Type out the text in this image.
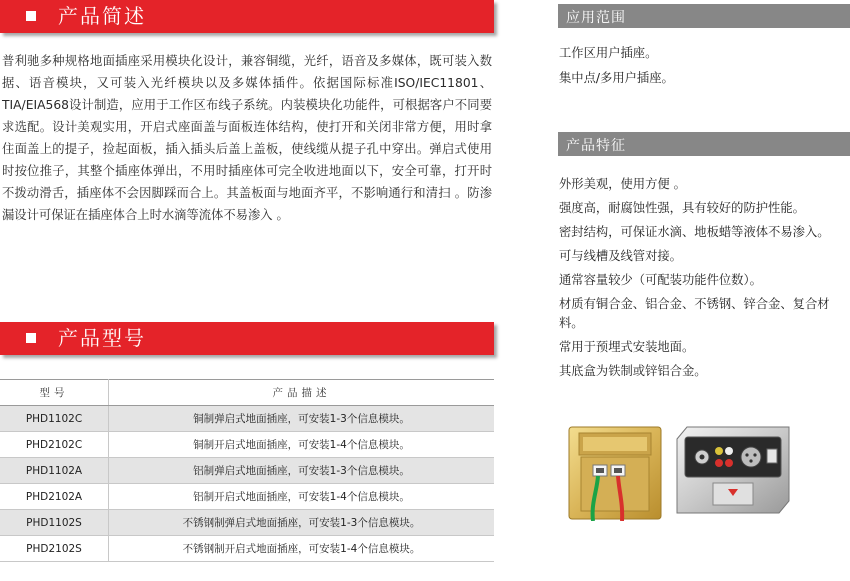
产品简述

普利驰多种规格地面插座采用模块化设计，兼容铜缆，光纤，语音及多媒体，既可装入数据、语音模块，又可装入光纤模块以及多媒体插件。依据国际标准ISO/IEC11801、TIA/EIA568设计制造，应用于工作区布线子系统。内装模块化功能件，可根据客户不同要求选配。设计美观实用，开启式座面盖与面板连体结构，使打开和关闭非常方便，用时拿住面盖上的提子，捡起面板，插入插头后盖上盖板，使线缆从提子孔中穿出。弹启式使用时按位推子，其整个插座体弹出，不用时插座体可完全收进地面以下，安全可靠，打开时不拨动滑舌，插座体不会因脚踩而合上。其盖板面与地面齐平，不影响通行和清扫 。防渗漏设计可保证在插座体合上时水滴等流体不易渗入 。

产品型号
型号	产品描述
PHD1102C	铜制弹启式地面插座，可安装1-3个信息模块。
PHD2102C	铜制开启式地面插座，可安装1-4个信息模块。
PHD1102A	铝制弹启式地面插座，可安装1-3个信息模块。
PHD2102A	铝制开启式地面插座，可安装1-4个信息模块。
PHD1102S	不锈钢制弹启式地面插座，可安装1-3个信息模块。
PHD2102S	不锈钢制开启式地面插座，可安装1-4个信息模块。
应用范围
工作区用户插座。
集中点/多用户插座。
产品特征
外形美观，使用方便 。
强度高，耐腐蚀性强，具有较好的防护性能。
密封结构，可保证水滴、地板蜡等液体不易渗入。
可与线槽及线管对接。
通常容量较少（可配装功能件位数）。
材质有铜合金、铝合金、不锈钢、锌合金、复合材料。
常用于预埋式安装地面。
其底盒为铁制或锌铝合金。
